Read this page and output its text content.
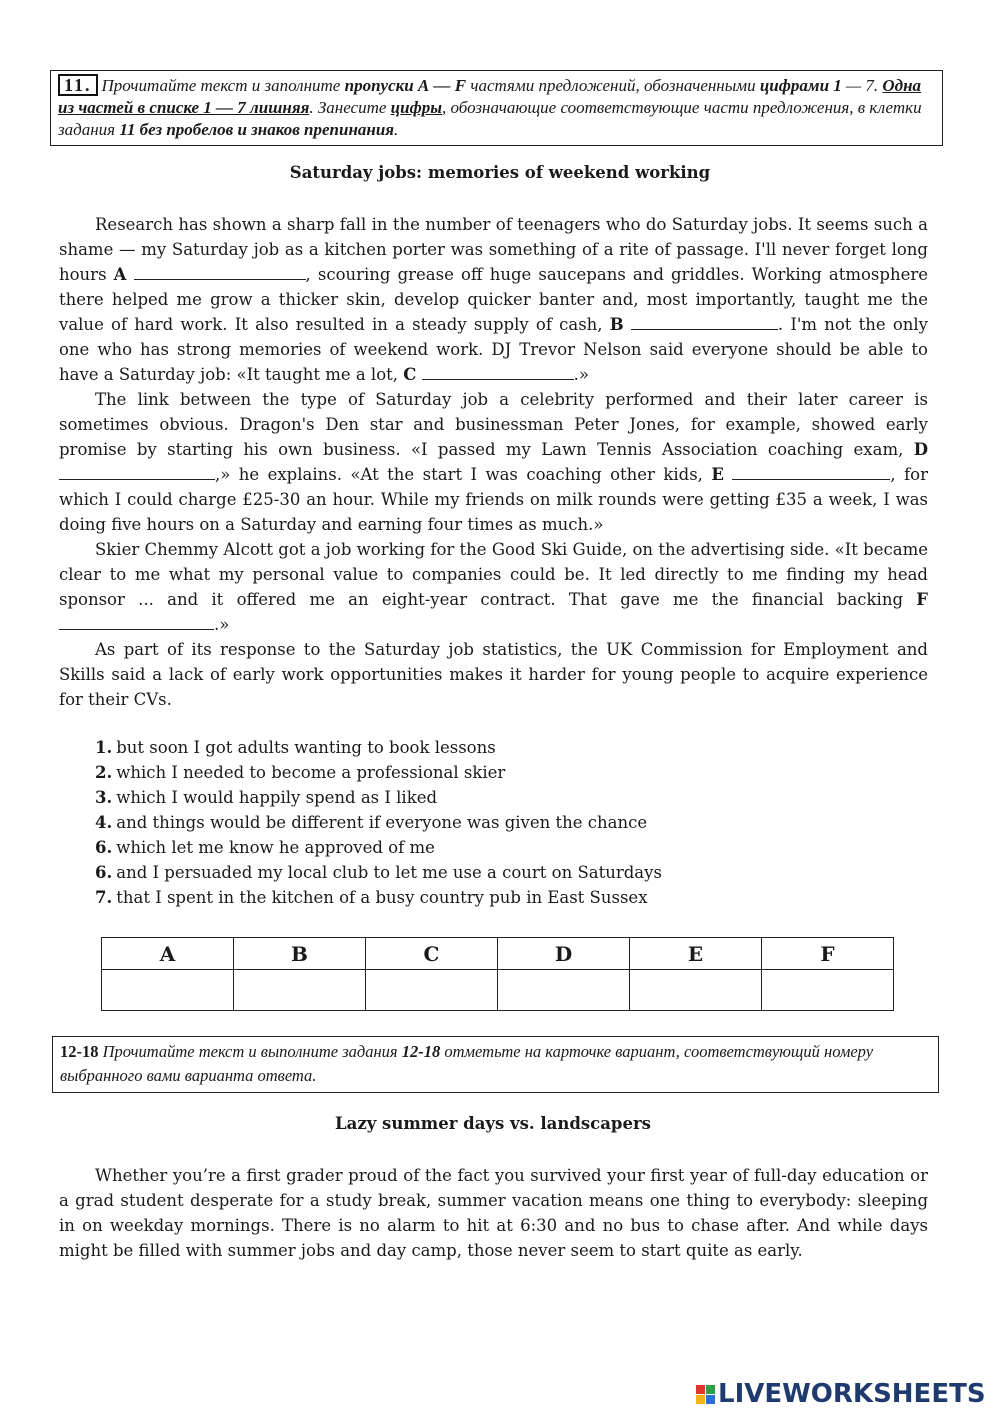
11. Прочитайте текст и заполните пропуски А — F частями предложений, обозначенными цифрами 1 — 7. Одна из частей в списке 1 — 7 лишняя. Занесите цифры, обозначающие соответствующие части предложения, в клетки задания 11 без пробелов и знаков препинания.
Saturday jobs: memories of weekend working

Research has shown a sharp fall in the number of teenagers who do Saturday jobs. It seems such a shame — my Saturday job as a kitchen porter was something of a rite of passage. I'll never forget long hours A	, scouring grease off huge saucepans and griddles. Working atmosphere there helped me grow a thicker skin, develop quicker banter and, most importantly, taught me the value of hard work. It also resulted in a steady supply of cash, B	. I'm not the only one who has strong memories of weekend work. DJ Trevor Nelson said everyone should be able to have a Saturday job: «It taught me a lot, C	.»

The link between the type of Saturday job a celebrity performed and their later career is sometimes obvious. Dragon's Den star and businessman Peter Jones, for example, showed early promise by starting his own business. «I passed my Lawn Tennis Association coaching exam, D ,» he explains. «At the start I was coaching other kids, E	, for which I could charge £25-30 an hour. While my friends on milk rounds were getting £35 a week, I was doing five hours on a Saturday and earning four times as much.»

Skier Chemmy Alcott got a job working for the Good Ski Guide, on the advertising side. «It became clear to me what my personal value to companies could be. It led directly to me finding my head sponsor ... and it offered me an eight-year contract. That gave me the financial backing F .»

As part of its response to the Saturday job statistics, the UK Commission for Employment and Skills said a lack of early work opportunities makes it harder for young people to acquire experience for their CVs.

1. but soon I got adults wanting to book lessons
2. which I needed to become a professional skier
3. which I would happily spend as I liked
4. and things would be different if everyone was given the chance
6. which let me know he approved of me
6. and I persuaded my local club to let me use a court on Saturdays
7. that I spent in the kitchen of a busy country pub in East Sussex
A	B	C	D	E	F

12-18 Прочитайте текст и выполните задания 12-18 отметьте на карточке вариант, соответствующий номеру выбранного вами варианта ответа.
Lazy summer days vs. landscapers

Whether you’re a first grader proud of the fact you survived your first year of full-day education or a grad student desperate for a study break, summer vacation means one thing to everybody: sleeping in on weekday mornings. There is no alarm to hit at 6:30 and no bus to chase after. And while days might be filled with summer jobs and day camp, those never seem to start quite as early.

LIVEWORKSHEETS
